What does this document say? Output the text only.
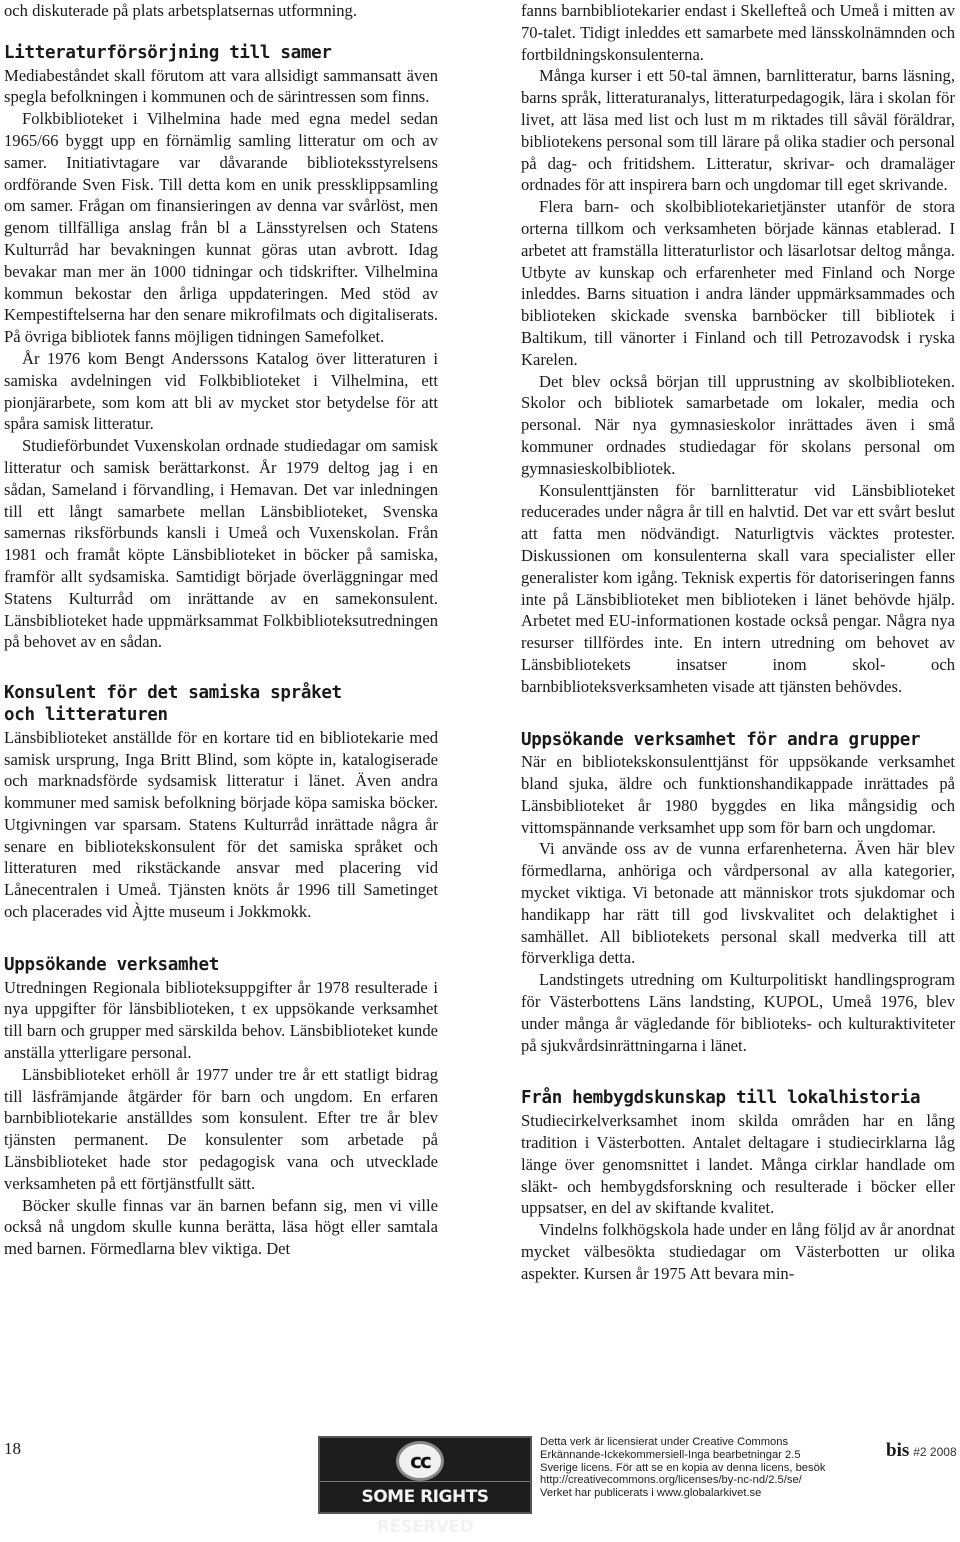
och diskuterade på plats arbetsplatsernas utformning.

Litteraturförsörjning till samer

Mediabeståndet skall förutom att vara allsidigt sammansatt även spegla befolkningen i kommunen och de särintressen som finns.

Folkbiblioteket i Vilhelmina hade med egna medel sedan 1965/66 byggt upp en förnämlig samling litteratur om och av samer. Initiativtagare var dåvarande biblioteksstyrelsens ordförande Sven Fisk. Till detta kom en unik pressklippsamling om samer. Frågan om finansieringen av denna var svårlöst, men genom tillfälliga anslag från bl a Länsstyrelsen och Statens Kulturråd har bevakningen kunnat göras utan avbrott. Idag bevakar man mer än 1000 tidningar och tidskrifter. Vilhelmina kommun bekostar den årliga uppdateringen. Med stöd av Kempestiftelserna har den senare mikrofilmats och digitaliserats. På övriga bibliotek fanns möjligen tidningen Samefolket.

År 1976 kom Bengt Anderssons Katalog över litteraturen i samiska avdelningen vid Folkbiblioteket i Vilhelmina, ett pionjärarbete, som kom att bli av mycket stor betydelse för att spåra samisk litteratur.

Studieförbundet Vuxenskolan ordnade studiedagar om samisk litteratur och samisk berättarkonst. År 1979 deltog jag i en sådan, Sameland i förvandling, i Hemavan. Det var inledningen till ett långt samarbete mellan Länsbiblioteket, Svenska samernas riksförbunds kansli i Umeå och Vuxenskolan. Från 1981 och framåt köpte Länsbiblioteket in böcker på samiska, framför allt sydsamiska. Samtidigt började överläggningar med Statens Kulturråd om inrättande av en samekonsulent. Länsbiblioteket hade uppmärksammat Folkbiblioteksutredningen på behovet av en sådan.

Konsulent för det samiska språket
och litteraturen

Länsbiblioteket anställde för en kortare tid en bibliotekarie med samisk ursprung, Inga Britt Blind, som köpte in, katalogiserade och marknadsförde sydsamisk litteratur i länet. Även andra kommuner med samisk befolkning började köpa samiska böcker. Utgivningen var sparsam. Statens Kulturråd inrättade några år senare en bibliotekskonsulent för det samiska språket och litteraturen med rikstäckande ansvar med placering vid Lånecentralen i Umeå. Tjänsten knöts år 1996 till Sametinget och placerades vid Àjtte museum i Jokkmokk.

Uppsökande verksamhet

Utredningen Regionala biblioteksuppgifter år 1978 resulterade i nya uppgifter för länsbiblioteken, t ex uppsökande verksamhet till barn och grupper med särskilda behov. Länsbiblioteket kunde anställa ytterligare personal.

Länsbiblioteket erhöll år 1977 under tre år ett statligt bidrag till läsfrämjande åtgärder för barn och ungdom. En erfaren barnbibliotekarie anställdes som konsulent. Efter tre år blev tjänsten permanent. De konsulenter som arbetade på Länsbiblioteket hade stor pedagogisk vana och utvecklade verksamheten på ett förtjänstfullt sätt.

Böcker skulle finnas var än barnen befann sig, men vi ville också nå ungdom skulle kunna berätta, läsa högt eller samtala med barnen. Förmedlarna blev viktiga. Det

fanns barnbibliotekarier endast i Skellefteå och Umeå i mitten av 70-talet. Tidigt inleddes ett samarbete med länsskolnämnden och fortbildningskonsulenterna.

Många kurser i ett 50-tal ämnen, barnlitteratur, barns läsning, barns språk, litteraturanalys, litteraturpedagogik, lära i skolan för livet, att läsa med list och lust m m riktades till såväl föräldrar, bibliotekens personal som till lärare på olika stadier och personal på dag- och fritidshem. Litteratur, skrivar- och dramaläger ordnades för att inspirera barn och ungdomar till eget skrivande.

Flera barn- och skolbibliotekarietjänster utanför de stora orterna tillkom och verksamheten började kännas etablerad. I arbetet att framställa litteraturlistor och läsarlotsar deltog många. Utbyte av kunskap och erfarenheter med Finland och Norge inleddes. Barns situation i andra länder uppmärksammades och biblioteken skickade svenska barnböcker till bibliotek i Baltikum, till vänorter i Finland och till Petrozavodsk i ryska Karelen.

Det blev också början till upprustning av skolbiblioteken. Skolor och bibliotek samarbetade om lokaler, media och personal. När nya gymnasieskolor inrättades även i små kommuner ordnades studiedagar för skolans personal om gymnasieskolbibliotek.

Konsulenttjänsten för barnlitteratur vid Länsbiblioteket reducerades under några år till en halvtid. Det var ett svårt beslut att fatta men nödvändigt. Naturligtvis väcktes protester. Diskussionen om konsulenterna skall vara specialister eller generalister kom igång. Teknisk expertis för datoriseringen fanns inte på Länsbiblioteket men biblioteken i länet behövde hjälp. Arbetet med EU-informationen kostade också pengar. Några nya resurser tillfördes inte. En intern utredning om behovet av Länsbibliotekets insatser inom skol- och barnbiblioteksverksamheten visade att tjänsten behövdes.

Uppsökande verksamhet för andra grupper

När en bibliotekskonsulenttjänst för uppsökande verksamhet bland sjuka, äldre och funktionshandikappade inrättades på Länsbiblioteket år 1980 byggdes en lika mångsidig och vittomspännande verksamhet upp som för barn och ungdomar.

Vi använde oss av de vunna erfarenheterna. Även här blev förmedlarna, anhöriga och vårdpersonal av alla kategorier, mycket viktiga. Vi betonade att människor trots sjukdomar och handikapp har rätt till god livskvalitet och delaktighet i samhället. All bibliotekets personal skall medverka till att förverkliga detta.

Landstingets utredning om Kulturpolitiskt handlingsprogram för Västerbottens Läns landsting, KUPOL, Umeå 1976, blev under många år vägledande för biblioteks- och kulturaktiviteter på sjukvårdsinrättningarna i länet.

Från hembygdskunskap till lokalhistoria

Studiecirkelverksamhet inom skilda områden har en lång tradition i Västerbotten. Antalet deltagare i studiecirklarna låg länge över genomsnittet i landet. Många cirklar handlade om släkt- och hembygdsforskning och resulterade i böcker eller uppsatser, en del av skiftande kvalitet.

Vindelns folkhögskola hade under en lång följd av år anordnat mycket välbesökta studiedagar om Västerbotten ur olika aspekter. Kursen år 1975 Att bevara min-

18
cc
SOME RIGHTS RESERVED
Detta verk är licensierat under Creative Commons
Erkännande-Ickekommersiell-Inga bearbetningar 2.5
Sverige licens. För att se en kopia av denna licens, besök
http://creativecommons.org/licenses/by-nc-nd/2.5/se/
Verket har publicerats i www.globalarkivet.se
bis #2 2008
